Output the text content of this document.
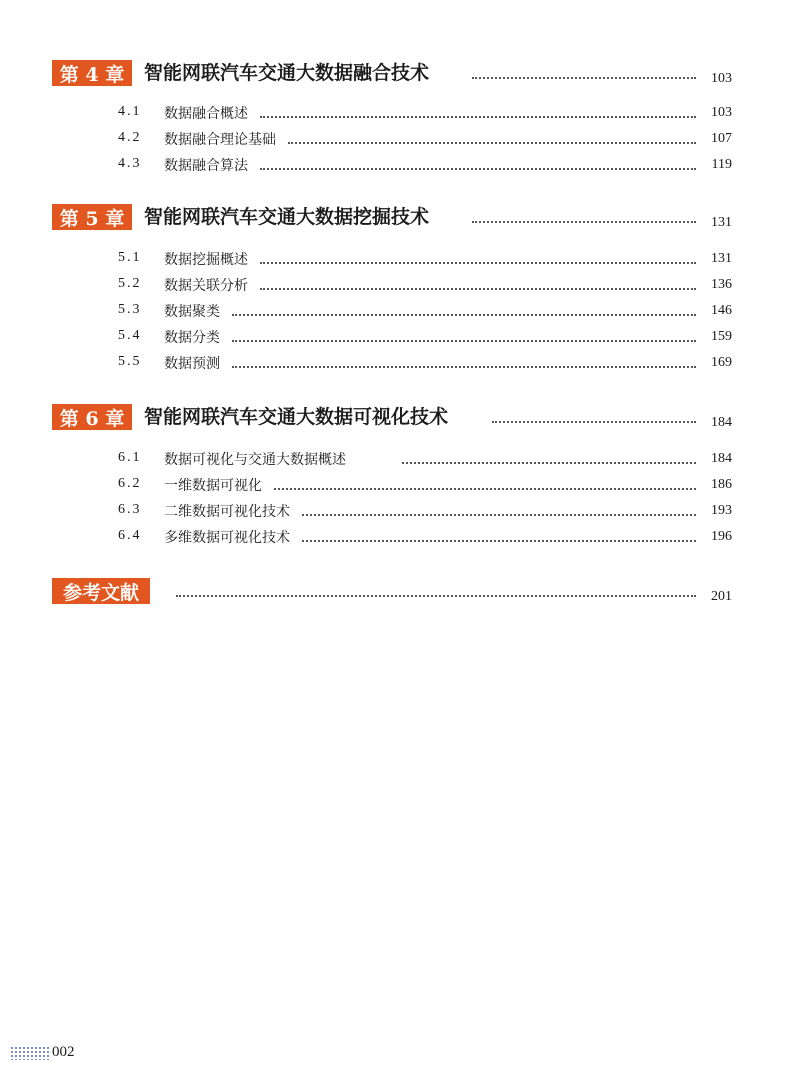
第 4 章	智能网联汽车交通大数据融合技术	103
4.1 数据融合概述	103
4.2 数据融合理论基础	107
4.3 数据融合算法	119
第 5 章	智能网联汽车交通大数据挖掘技术	131
5.1 数据挖掘概述	131
5.2 数据关联分析	136
5.3 数据聚类	146
5.4 数据分类	159
5.5 数据预测	169
第 6 章	智能网联汽车交通大数据可视化技术	184
6.1 数据可视化与交通大数据概述	184
6.2 一维数据可视化	186
6.3 二维数据可视化技术	193
6.4 多维数据可视化技术	196
参考文献	201
002
